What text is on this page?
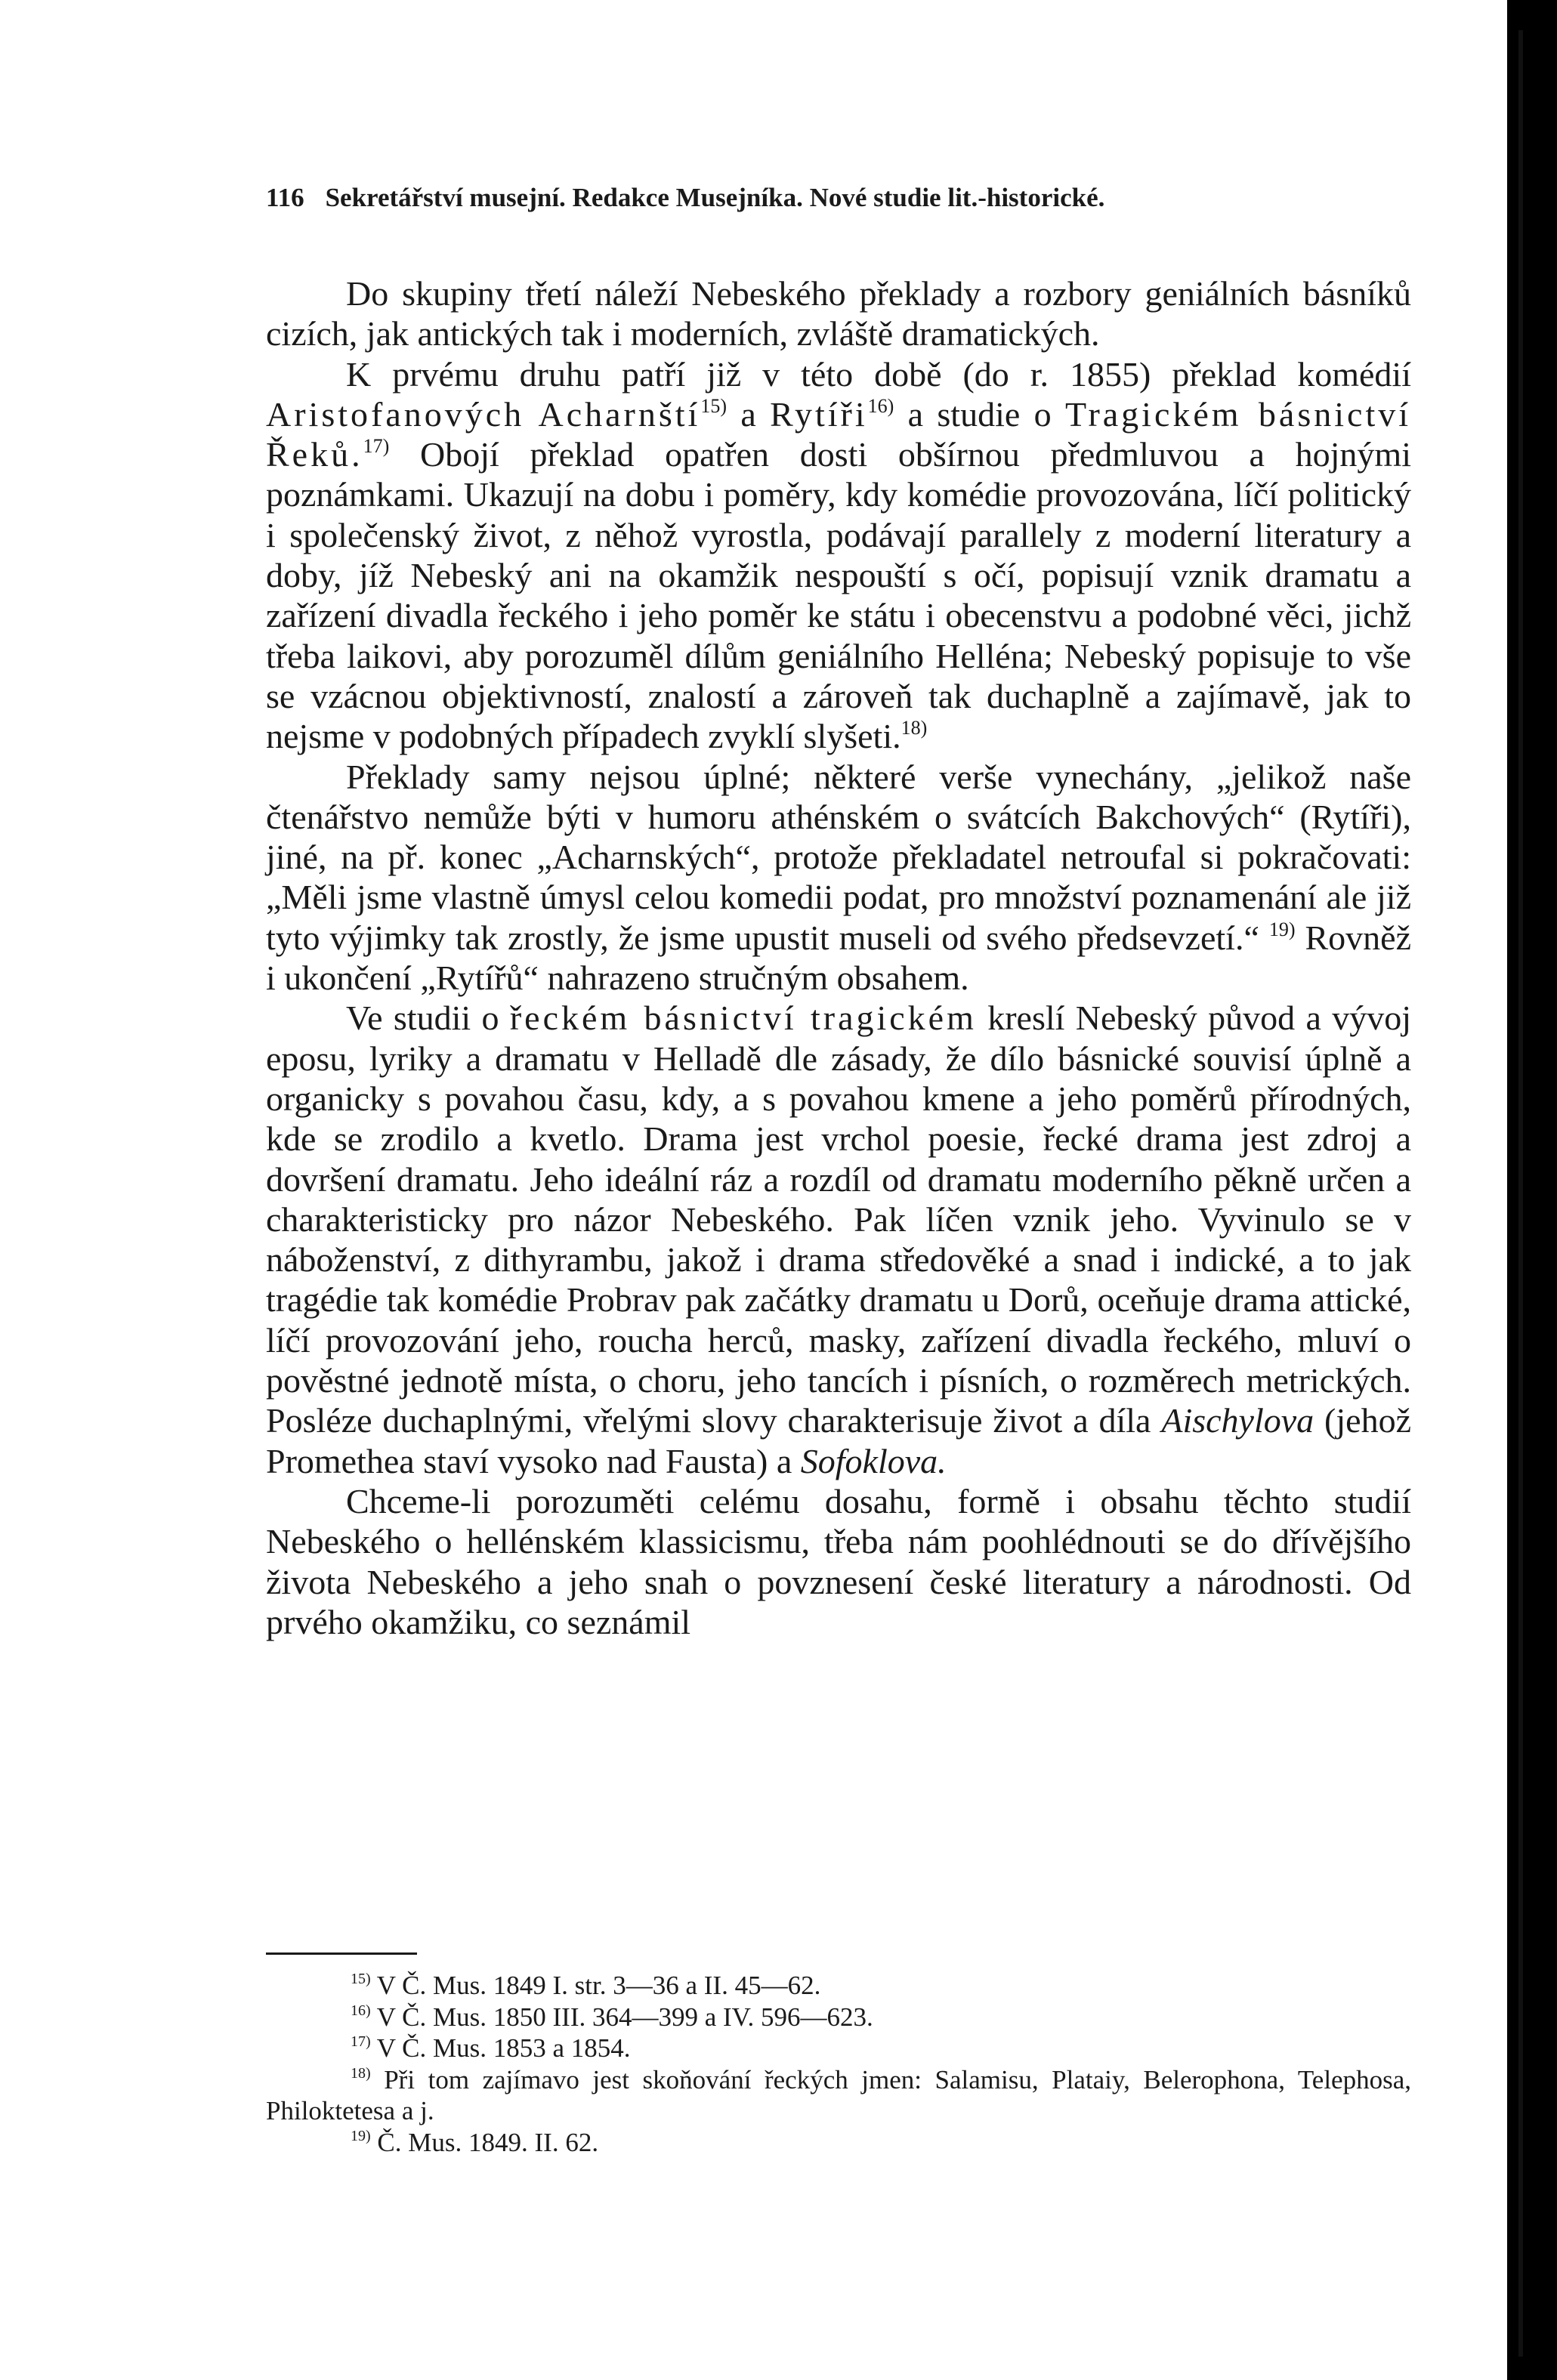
116 Sekretářství musejní. Redakce Musejníka. Nové studie lit.-historické.

Do skupiny třetí náleží Nebeského překlady a rozbory geniálních básníků cizích, jak antických tak i moderních, zvláště dramatických.

K prvému druhu patří již v této době (do r. 1855) překlad komédií Aristofanových Acharnští$^{15)}$ a Rytíři$^{16)}$ a studie o Tragickém básnictví Řeků.$^{17)}$ Obojí překlad opatřen dosti obšírnou předmluvou a hojnými poznámkami. Ukazují na dobu i poměry, kdy komédie provozována, líčí politický i společenský život, z něhož vyrostla, podávají parallely z moderní literatury a doby, jíž Nebeský ani na okamžik nespouští s očí, popisují vznik dramatu a zařízení divadla řeckého i jeho poměr ke státu i obecenstvu a podobné věci, jichž třeba laikovi, aby porozuměl dílům geniálního Helléna; Nebeský popisuje to vše se vzácnou objektivností, znalostí a zároveň tak duchaplně a zajímavě, jak to nejsme v podobných případech zvyklí slyšeti.$^{18)}$

Překlady samy nejsou úplné; některé verše vynechány, „jelikož naše čtenářstvo nemůže býti v humoru athénském o svátcích Bakchových“ (Rytíři), jiné, na př. konec „Acharnských“, protože překladatel netroufal si pokračovati: „Měli jsme vlastně úmysl celou komedii podat, pro množství poznamenání ale již tyto výjimky tak zrostly, že jsme upustit museli od svého předsevzetí.“ $^{19)}$ Rovněž i ukončení „Rytířů“ nahrazeno stručným obsahem.

Ve studii o řeckém básnictví tragickém kreslí Nebeský původ a vývoj eposu, lyriky a dramatu v Helladě dle zásady, že dílo básnické souvisí úplně a organicky s povahou času, kdy, a s povahou kmene a jeho poměrů přírodných, kde se zrodilo a kvetlo. Drama jest vrchol poesie, řecké drama jest zdroj a dovršení dramatu. Jeho ideální ráz a rozdíl od dramatu moderního pěkně určen a charakteristicky pro názor Nebeského. Pak líčen vznik jeho. Vyvinulo se v náboženství, z dithyrambu, jakož i drama středověké a snad i indické, a to jak tragédie tak komédie Probrav pak začátky dramatu u Dorů, oceňuje drama attické, líčí provozování jeho, roucha herců, masky, zařízení divadla řeckého, mluví o pověstné jednotě místa, o choru, jeho tancích i písních, o rozměrech metrických. Posléze duchaplnými, vřelými slovy charakterisuje život a díla Aischylova (jehož Promethea staví vysoko nad Fausta) a Sofoklova.

Chceme-li porozuměti celému dosahu, formě i obsahu těchto studií Nebeského o hellénském klassicismu, třeba nám poohlédnouti se do dřívějšího života Nebeského a jeho snah o povznesení české literatury a národnosti. Od prvého okamžiku, co seznámil

$^{15)}$ V Č. Mus. 1849 I. str. 3—36 a II. 45—62.

$^{16)}$ V Č. Mus. 1850 III. 364—399 a IV. 596—623.

$^{17)}$ V Č. Mus. 1853 a 1854.

$^{18)}$ Při tom zajímavo jest skoňování řeckých jmen: Salamisu, Plataiy, Belerophona, Telephosa, Philoktetesa a j.

$^{19)}$ Č. Mus. 1849. II. 62.
